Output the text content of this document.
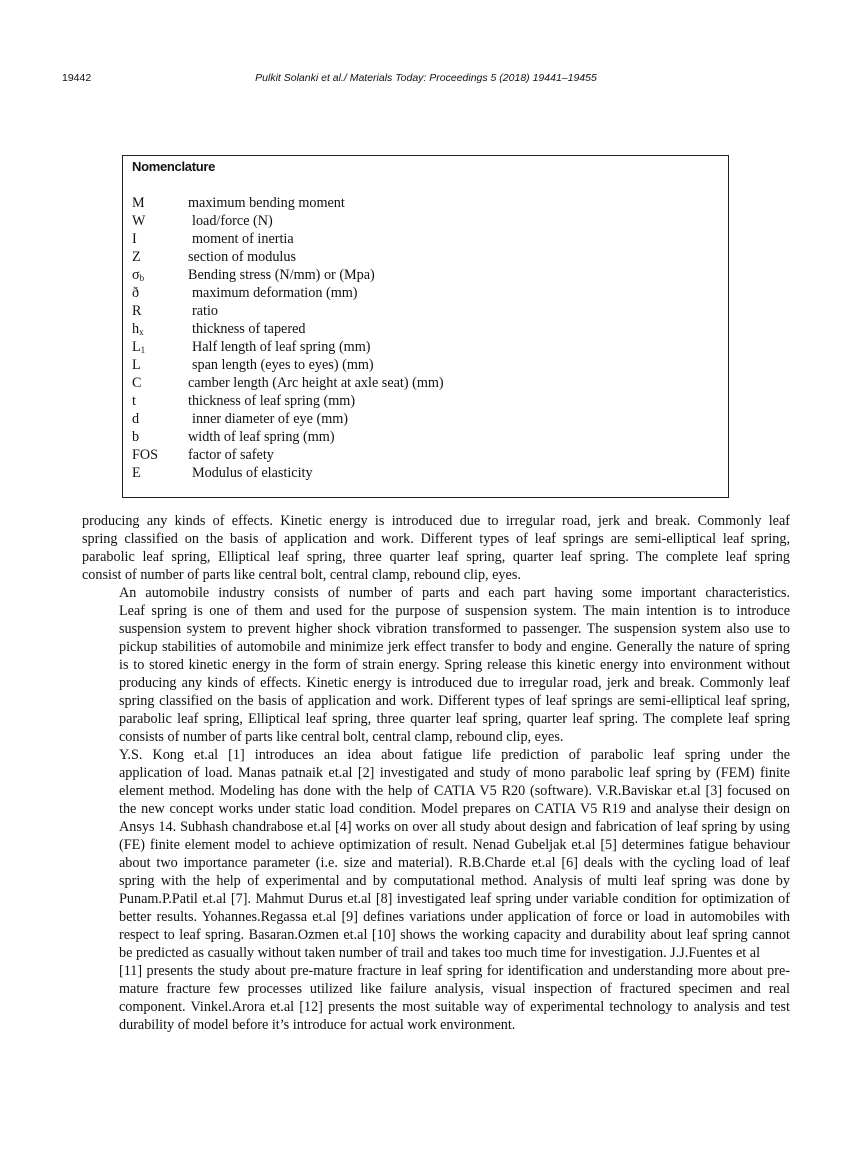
19442	Pulkit Solanki et al./ Materials Today: Proceedings 5 (2018) 19441–19455
Nomenclature
M	maximum bending moment
W	load/force (N)
I	moment of inertia
Z	section of modulus
$\sigma_b$	Bending stress (N/mm) or (Mpa)
ð	maximum deformation (mm)
R	ratio
$h_x$	thickness of tapered
$L_1$	Half length of leaf spring (mm)
L	span length (eyes to eyes) (mm)
C	camber length (Arc height at axle seat) (mm)
t	thickness of leaf spring (mm)
d	inner diameter of eye (mm)
b	width of leaf spring (mm)
FOS	factor of safety
E	Modulus of elasticity

producing any kinds of effects. Kinetic energy is introduced due to irregular road, jerk and break. Commonly leaf
spring classified on the basis of application and work. Different types of leaf springs are semi-elliptical leaf spring,
parabolic leaf spring, Elliptical leaf spring, three quarter leaf spring, quarter leaf spring. The complete leaf spring
consist of number of parts like central bolt, central clamp, rebound clip, eyes.

An automobile industry consists of number of parts and each part having some important characteristics.
Leaf spring is one of them and used for the purpose of suspension system. The main intention is to introduce
suspension system to prevent higher shock vibration transformed to passenger. The suspension system also use to
pickup stabilities of automobile and minimize jerk effect transfer to body and engine. Generally the nature of spring
is to stored kinetic energy in the form of strain energy. Spring release this kinetic energy into environment without
producing any kinds of effects. Kinetic energy is introduced due to irregular road, jerk and break. Commonly leaf
spring classified on the basis of application and work. Different types of leaf springs are semi-elliptical leaf spring,
parabolic leaf spring, Elliptical leaf spring, three quarter leaf spring, quarter leaf spring. The complete leaf spring
consists of number of parts like central bolt, central clamp, rebound clip, eyes.

Y.S. Kong et.al [1] introduces an idea about fatigue life prediction of parabolic leaf spring under the
application of load. Manas patnaik et.al [2] investigated and study of mono parabolic leaf spring by (FEM) finite
element method. Modeling has done with the help of CATIA V5 R20 (software). V.R.Baviskar et.al [3] focused on
the new concept works under static load condition. Model prepares on CATIA V5 R19 and analyse their design on
Ansys 14. Subhash chandrabose et.al [4] works on over all study about design and fabrication of leaf spring by using
(FE) finite element model to achieve optimization of result. Nenad Gubeljak et.al [5] determines fatigue behaviour
about two importance parameter (i.e. size and material). R.B.Charde et.al [6] deals with the cycling load of leaf
spring with the help of experimental and by computational method. Analysis of multi leaf spring was done by
Punam.P.Patil et.al [7]. Mahmut Durus et.al [8] investigated leaf spring under variable condition for optimization of
better results. Yohannes.Regassa et.al [9] defines variations under application of force or load in automobiles with
respect to leaf spring. Basaran.Ozmen et.al [10] shows the working capacity and durability about leaf spring cannot
be predicted as casually without taken number of trail and takes too much time for investigation. J.J.Fuentes et al
[11] presents the study about pre-mature fracture in leaf spring for identification and understanding more about pre-
mature fracture few processes utilized like failure analysis, visual inspection of fractured specimen and real
component. Vinkel.Arora et.al [12] presents the most suitable way of experimental technology to analysis and test
durability of model before it’s introduce for actual work environment.
